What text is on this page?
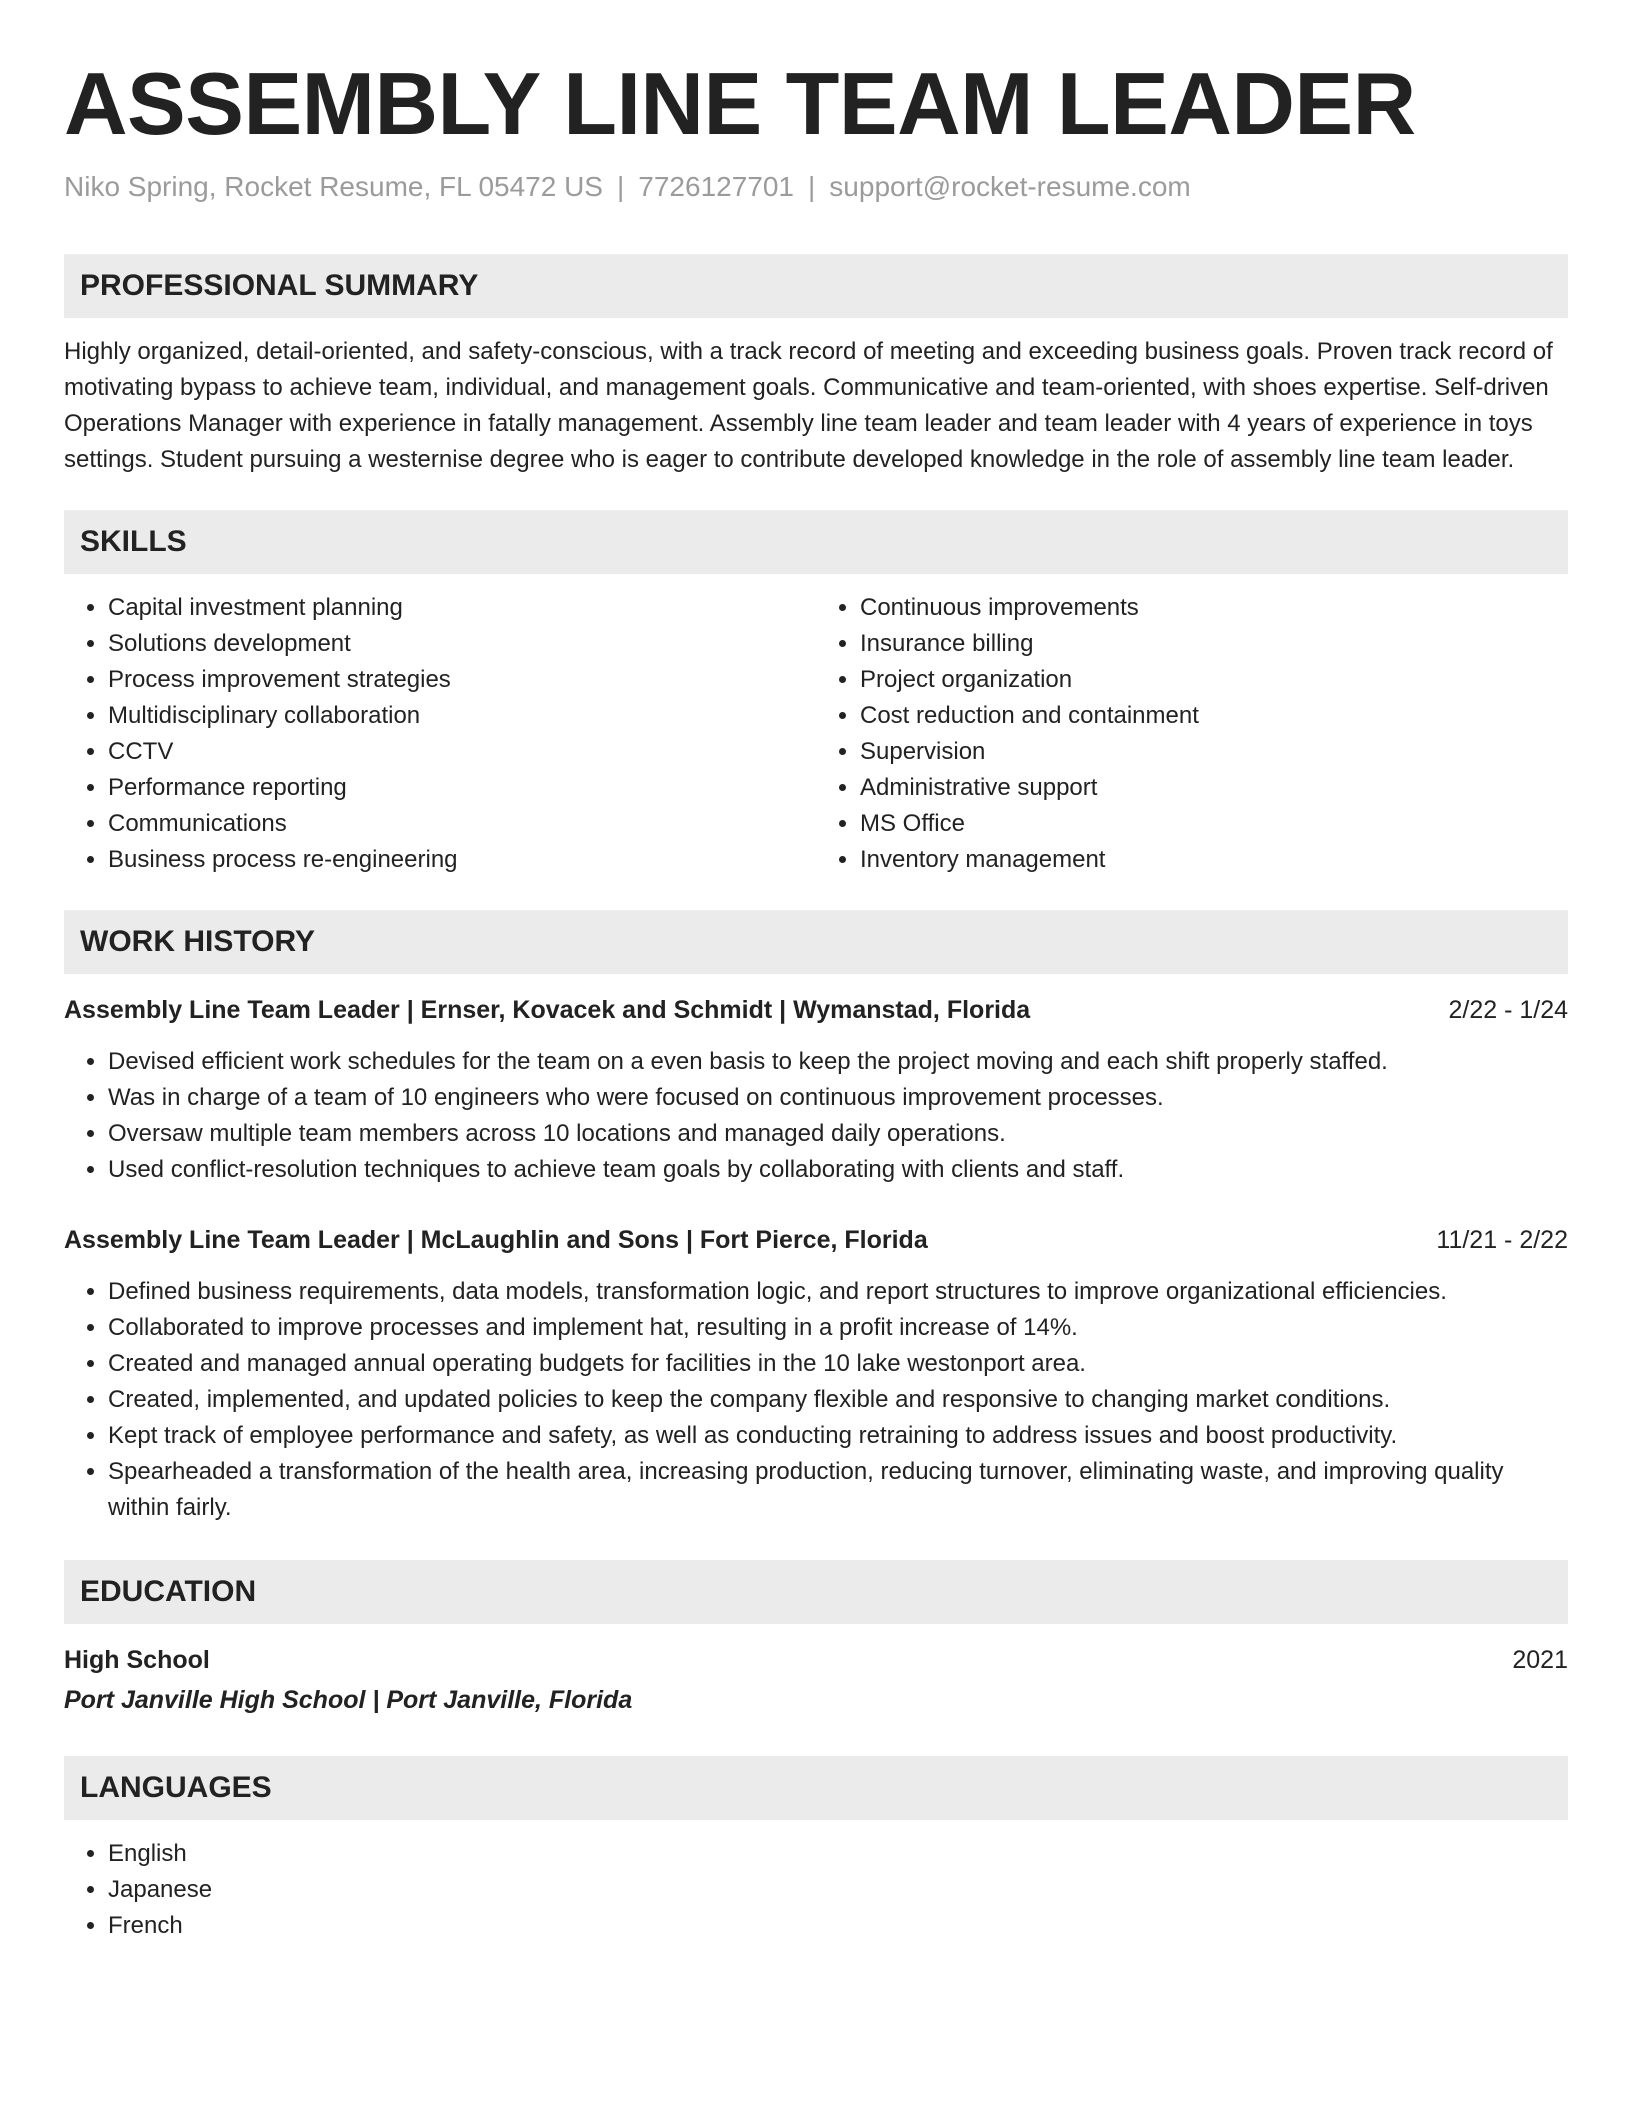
ASSEMBLY LINE TEAM LEADER
Niko Spring, Rocket Resume, FL 05472 US | 7726127701 | support@rocket-resume.com
PROFESSIONAL SUMMARY

Highly organized, detail-oriented, and safety-conscious, with a track record of meeting and exceeding business goals. Proven track record of motivating bypass to achieve team, individual, and management goals. Communicative and team-oriented, with shoes expertise. Self-driven Operations Manager with experience in fatally management. Assembly line team leader and team leader with 4 years of experience in toys settings. Student pursuing a westernise degree who is eager to contribute developed knowledge in the role of assembly line team leader.

SKILLS
• Capital investment planning
• Solutions development
• Process improvement strategies
• Multidisciplinary collaboration
• CCTV
• Performance reporting
• Communications
• Business process re-engineering
• Continuous improvements
• Insurance billing
• Project organization
• Cost reduction and containment
• Supervision
• Administrative support
• MS Office
• Inventory management
WORK HISTORY
Assembly Line Team Leader | Ernser, Kovacek and Schmidt | Wymanstad, Florida	2/22 - 1/24
• Devised efficient work schedules for the team on a even basis to keep the project moving and each shift properly staffed.
• Was in charge of a team of 10 engineers who were focused on continuous improvement processes.
• Oversaw multiple team members across 10 locations and managed daily operations.
• Used conflict-resolution techniques to achieve team goals by collaborating with clients and staff.
Assembly Line Team Leader | McLaughlin and Sons | Fort Pierce, Florida	11/21 - 2/22
• Defined business requirements, data models, transformation logic, and report structures to improve organizational efficiencies.
• Collaborated to improve processes and implement hat, resulting in a profit increase of 14%.
• Created and managed annual operating budgets for facilities in the 10 lake westonport area.
• Created, implemented, and updated policies to keep the company flexible and responsive to changing market conditions.
• Kept track of employee performance and safety, as well as conducting retraining to address issues and boost productivity.
• Spearheaded a transformation of the health area, increasing production, reducing turnover, eliminating waste, and improving quality within fairly.
EDUCATION
High School	2021
Port Janville High School | Port Janville, Florida
LANGUAGES
• English
• Japanese
• French
